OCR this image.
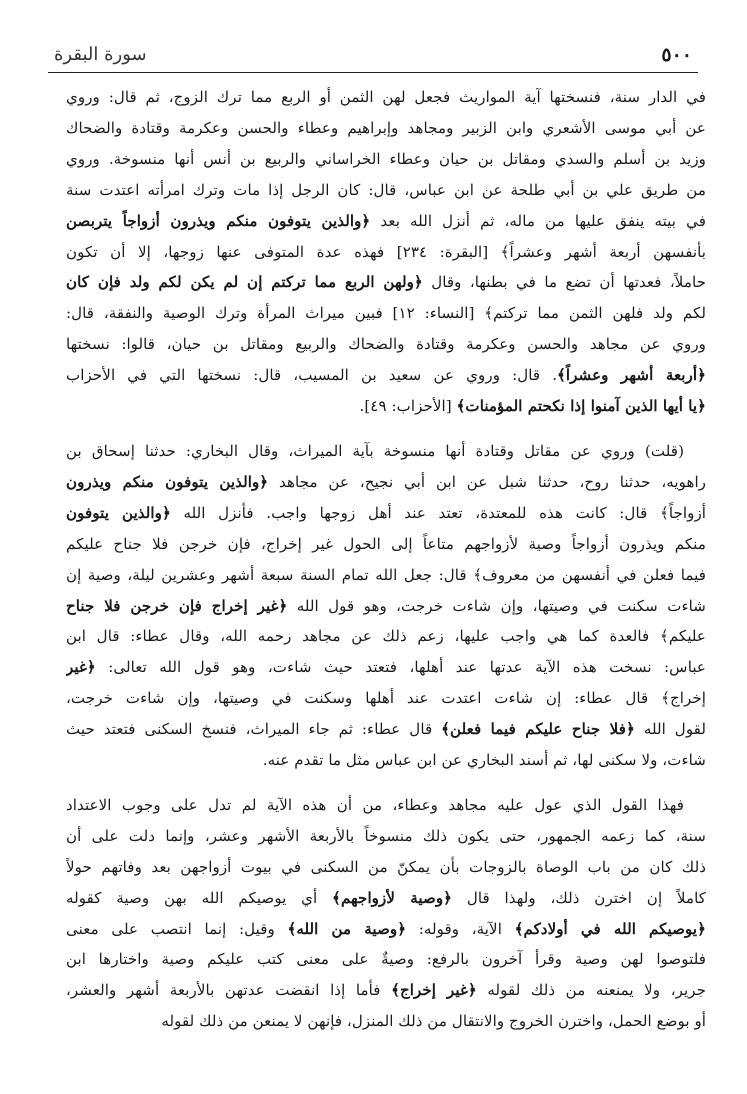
٥٠٠
سورة البقرة
في الدار سنة، فنسختها آية المواريث فجعل لهن الثمن أو الربع مما ترك الزوج، ثم قال: وروي
عن أبي موسى الأشعري وابن الزبير ومجاهد وإبراهيم وعطاء والحسن وعكرمة وقتادة والضحاك
وزيد بن أسلم والسدي ومقاتل بن حيان وعطاء الخراساني والربيع بن أنس أنها منسوخة. وروي
من طريق علي بن أبي طلحة عن ابن عباس، قال: كان الرجل إذا مات وترك امرأته اعتدت سنة
في بيته ينفق عليها من ماله، ثم أنزل الله بعد ﴿والذين يتوفون منكم ويذرون أزواجاً يتربصن
بأنفسهن أربعة أشهر وعشراً﴾ [البقرة: ٢٣٤] فهذه عدة المتوفى عنها زوجها، إلا أن تكون
حاملاً، فعدتها أن تضع ما في بطنها، وقال ﴿ولهن الربع مما تركتم إن لم يكن لكم ولد فإن كان
لكم ولد فلهن الثمن مما تركتم﴾ [النساء: ١٢] فبين ميراث المرأة وترك الوصية والنفقة، قال:
وروي عن مجاهد والحسن وعكرمة وقتادة والضحاك والربيع ومقاتل بن حيان، قالوا: نسختها
﴿أربعة أشهر وعشراً﴾. قال: وروي عن سعيد بن المسيب، قال: نسختها التي في الأحزاب
﴿يا أيها الذين آمنوا إذا نكحتم المؤمنات﴾ [الأحزاب: ٤٩].
(قلت) وروي عن مقاتل وقتادة أنها منسوخة بآية الميراث، وقال البخاري: حدثنا إسحاق بن
راهويه، حدثنا روح، حدثنا شبل عن ابن أبي نجيح، عن مجاهد ﴿والذين يتوفون منكم ويذرون
أزواجاً﴾ قال: كانت هذه للمعتدة، تعتد عند أهل زوجها واجب. فأنزل الله ﴿والذين يتوفون
منكم ويذرون أزواجاً وصية لأزواجهم متاعاً إلى الحول غير إخراج، فإن خرجن فلا جناح عليكم
فيما فعلن في أنفسهن من معروف﴾ قال: جعل الله تمام السنة سبعة أشهر وعشرين ليلة، وصية إن
شاءت سكنت في وصيتها، وإن شاءت خرجت، وهو قول الله ﴿غير إخراج فإن خرجن فلا جناح
عليكم﴾ فالعدة كما هي واجب عليها، زعم ذلك عن مجاهد رحمه الله، وقال عطاء: قال ابن
عباس: نسخت هذه الآية عدتها عند أهلها، فتعتد حيث شاءت، وهو قول الله تعالى: ﴿غير
إخراج﴾ قال عطاء: إن شاءت اعتدت عند أهلها وسكنت في وصيتها، وإن شاءت خرجت،
لقول الله ﴿فلا جناح عليكم فيما فعلن﴾ قال عطاء: ثم جاء الميراث، فنسخ السكنى فتعتد حيث
شاءت، ولا سكنى لها، ثم أسند البخاري عن ابن عباس مثل ما تقدم عنه.
فهذا القول الذي عول عليه مجاهد وعطاء، من أن هذه الآية لم تدل على وجوب الاعتداد
سنة، كما زعمه الجمهور، حتى يكون ذلك منسوخاً بالأربعة الأشهر وعشر، وإنما دلت على أن
ذلك كان من باب الوصاة بالزوجات بأن يمكنّ من السكنى في بيوت أزواجهن بعد وفاتهم حولاً
كاملاً إن اخترن ذلك، ولهذا قال ﴿وصية لأزواجهم﴾ أي يوصيكم الله بهن وصية كقوله
﴿يوصيكم الله في أولادكم﴾ الآية، وقوله: ﴿وصية من الله﴾ وقيل: إنما انتصب على معنى
فلتوصوا لهن وصية وقرأ آخرون بالرفع: وصيةٌ على معنى كتب عليكم وصية واختارها ابن
جرير، ولا يمنعنه من ذلك لقوله ﴿غير إخراج﴾ فأما إذا انقضت عدتهن بالأربعة أشهر والعشر،
أو بوضع الحمل، واخترن الخروج والانتقال من ذلك المنزل، فإنهن لا يمنعن من ذلك لقوله
